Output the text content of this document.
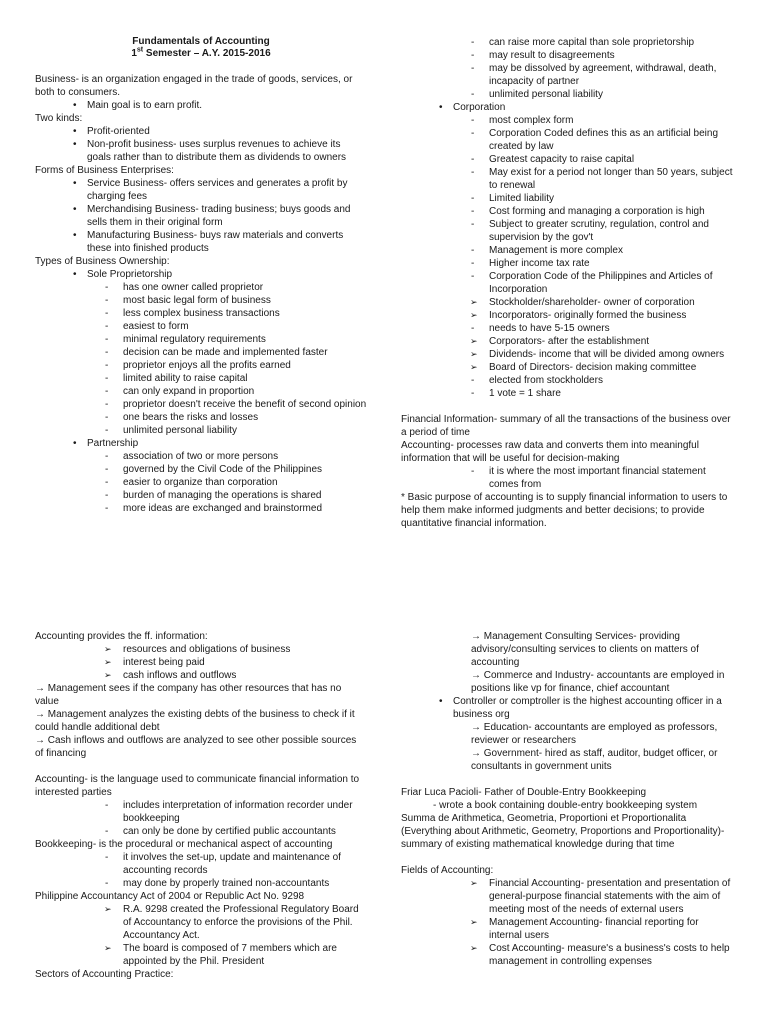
Fundamentals of Accounting
1st Semester – A.Y. 2015-2016
Business- is an organization engaged in the trade of goods, services, or both to consumers.
• Main goal is to earn profit.
Two kinds:
• Profit-oriented
• Non-profit business- uses surplus revenues to achieve its goals rather than to distribute them as dividends to owners
Forms of Business Enterprises:
• Service Business- offers services and generates a profit by charging fees
• Merchandising Business- trading business; buys goods and sells them in their original form
• Manufacturing Business- buys raw materials and converts these into finished products
Types of Business Ownership:
• Sole Proprietorship
- has one owner called proprietor
- most basic legal form of business
- less complex business transactions
- easiest to form
- minimal regulatory requirements
- decision can be made and implemented faster
- proprietor enjoys all the profits earned
- limited ability to raise capital
- can only expand in proportion
- proprietor doesn't receive the benefit of second opinion
- one bears the risks and losses
- unlimited personal liability
• Partnership
- association of two or more persons
- governed by the Civil Code of the Philippines
- easier to organize than corporation
- burden of managing the operations is shared
- more ideas are exchanged and brainstormed
- can raise more capital than sole proprietorship
- may result to disagreements
- may be dissolved by agreement, withdrawal, death, incapacity of partner
- unlimited personal liability
• Corporation
- most complex form
- Corporation Coded defines this as an artificial being created by law
- Greatest capacity to raise capital
- May exist for a period not longer than 50 years, subject to renewal
- Limited liability
- Cost forming and managing a corporation is high
- Subject to greater scrutiny, regulation, control and supervision by the gov't
- Management is more complex
- Higher income tax rate
- Corporation Code of the Philippines and Articles of Incorporation
➢ Stockholder/shareholder- owner of corporation
➢ Incorporators- originally formed the business
- needs to have 5-15 owners
➢ Corporators- after the establishment
➢ Dividends- income that will be divided among owners
➢ Board of Directors- decision making committee
- elected from stockholders
- 1 vote = 1 share
Financial Information- summary of all the transactions of the business over a period of time
Accounting- processes raw data and converts them into meaningful information that will be useful for decision-making
- it is where the most important financial statement comes from
* Basic purpose of accounting is to supply financial information to users to help them make informed judgments and better decisions; to provide quantitative financial information.
Accounting provides the ff. information:
➢ resources and obligations of business
➢ interest being paid
➢ cash inflows and outflows
→ Management sees if the company has other resources that has no value
→ Management analyzes the existing debts of the business to check if it could handle additional debt
→ Cash inflows and outflows are analyzed to see other possible sources of financing
Accounting- is the language used to communicate financial information to interested parties
- includes interpretation of information recorder under bookkeeping
- can only be done by certified public accountants
Bookkeeping- is the procedural or mechanical aspect of accounting
- it involves the set-up, update and maintenance of accounting records
- may done by properly trained non-accountants
Philippine Accountancy Act of 2004 or Republic Act No. 9298
➢ R.A. 9298 created the Professional Regulatory Board of Accountancy to enforce the provisions of the Phil. Accountancy Act.
➢ The board is composed of 7 members which are appointed by the Phil. President
Sectors of Accounting Practice:
→ Management Consulting Services- providing advisory/consulting services to clients on matters of accounting
→ Commerce and Industry- accountants are employed in positions like vp for finance, chief accountant
• Controller or comptroller is the highest accounting officer in a business org
→ Education- accountants are employed as professors, reviewer or researchers
→ Government- hired as staff, auditor, budget officer, or consultants in government units
Friar Luca Pacioli- Father of Double-Entry Bookkeeping
- wrote a book containing double-entry bookkeeping system
Summa de Arithmetica, Geometria, Proportioni et Proportionalita (Everything about Arithmetic, Geometry, Proportions and Proportionality)- summary of existing mathematical knowledge during that time
Fields of Accounting:
➢ Financial Accounting- presentation and presentation of general-purpose financial statements with the aim of meeting most of the needs of external users
➢ Management Accounting- financial reporting for internal users
➢ Cost Accounting- measure's a business's costs to help management in controlling expenses
